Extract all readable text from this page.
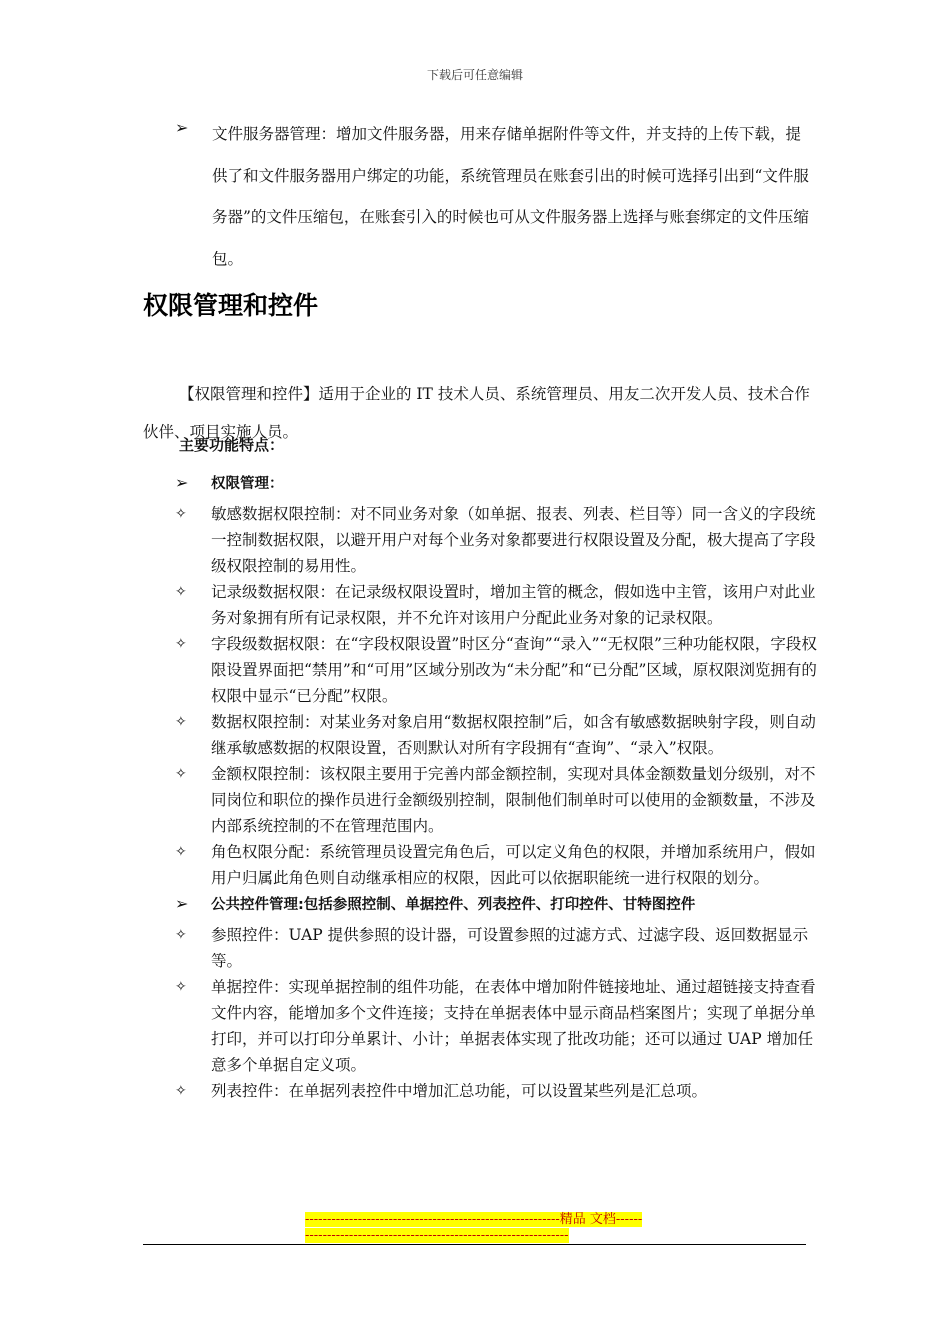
下载后可任意编辑
➢ 文件服务器管理：增加文件服务器，用来存储单据附件等文件，并支持的上传下载，提供了和文件服务器用户绑定的功能，系统管理员在账套引出的时候可选择引出到“文件服务器”的文件压缩包，在账套引入的时候也可从文件服务器上选择与账套绑定的文件压缩包。
权限管理和控件

【权限管理和控件】适用于企业的 IT 技术人员、系统管理员、用友二次开发人员、技术合作伙伴、项目实施人员。

主要功能特点：
➢ 权限管理：
✧ 敏感数据权限控制：对不同业务对象（如单据、报表、列表、栏目等）同一含义的字段统一控制数据权限，以避开用户对每个业务对象都要进行权限设置及分配，极大提高了字段级权限控制的易用性。
✧ 记录级数据权限：在记录级权限设置时，增加主管的概念，假如选中主管，该用户对此业务对象拥有所有记录权限，并不允许对该用户分配此业务对象的记录权限。
✧ 字段级数据权限：在“字段权限设置”时区分“查询”“录入”“无权限”三种功能权限，字段权限设置界面把“禁用”和“可用”区域分别改为“未分配”和“已分配”区域，原权限浏览拥有的权限中显示“已分配”权限。
✧ 数据权限控制：对某业务对象启用“数据权限控制”后，如含有敏感数据映射字段，则自动继承敏感数据的权限设置，否则默认对所有字段拥有“查询”、“录入”权限。
✧ 金额权限控制：该权限主要用于完善内部金额控制，实现对具体金额数量划分级别，对不同岗位和职位的操作员进行金额级别控制，限制他们制单时可以使用的金额数量，不涉及内部系统控制的不在管理范围内。
✧ 角色权限分配：系统管理员设置完角色后，可以定义角色的权限，并增加系统用户，假如用户归属此角色则自动继承相应的权限，因此可以依据职能统一进行权限的划分。
➢ 公共控件管理:包括参照控制、单据控件、列表控件、打印控件、甘特图控件
✧ 参照控件：UAP 提供参照的设计器，可设置参照的过滤方式、过滤字段、返回数据显示等。
✧ 单据控件：实现单据控制的组件功能，在表体中增加附件链接地址、通过超链接支持查看文件内容，能增加多个文件连接；支持在单据表体中显示商品档案图片；实现了单据分单打印，并可以打印分单累计、小计；单据表体实现了批改功能；还可以通过 UAP 增加任意多个单据自定义项。
✧ 列表控件：在单据列表控件中增加汇总功能，可以设置某些列是汇总项。
----------------------------------------------------------精品 文档------------------------------------------------------------------
